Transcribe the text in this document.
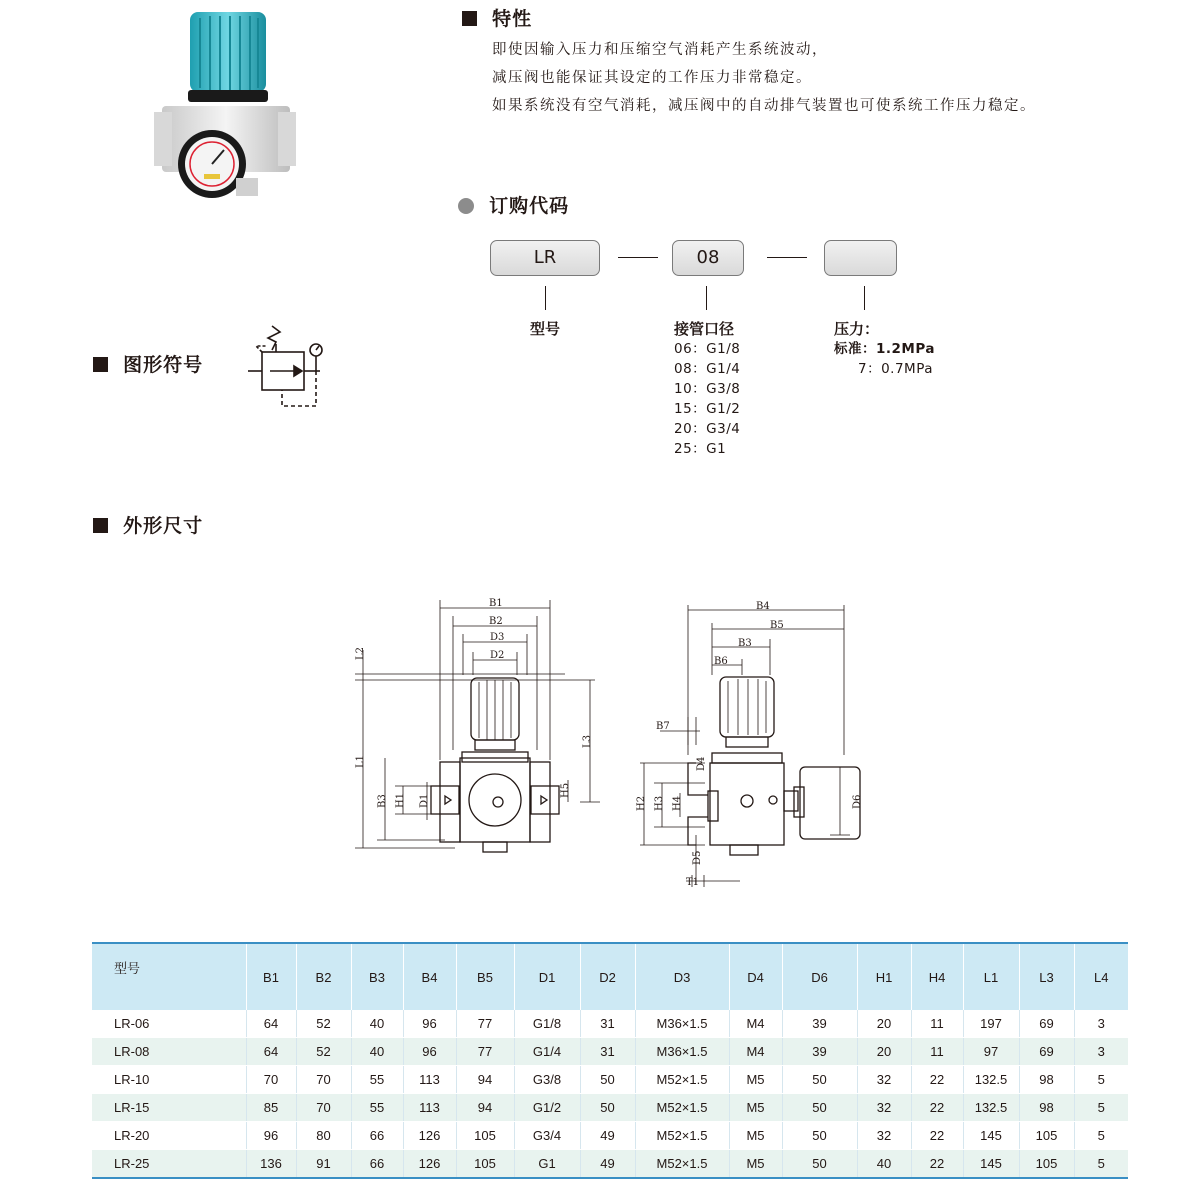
特性
即使因输入压力和压缩空气消耗产生系统波动，
减压阀也能保证其设定的工作压力非常稳定。
如果系统没有空气消耗，减压阀中的自动排气装置也可使系统工作压力稳定。
订购代码
LR	08
型号	接管口径
06：G1/8
08：G1/4
10：G3/8
15：G1/2
20：G3/4
25：G1
压力：
标准：1.2MPa
7：0.7MPa
图形符号
外形尺寸
B1
B2
D3
D2
L2
L1
L3
B3 H1 D1
H5
B4
B5
B3
B6
B7
D4
H2 H3 H4
D5
T1
D6
型号	B1	B2	B3	B4	B5	D1	D2	D3	D4	D6	H1	H4	L1	L3	L4
LR-06	64	52	40	96	77	G1/8	31	M36×1.5	M4	39	20	11	197	69	3
LR-08	64	52	40	96	77	G1/4	31	M36×1.5	M4	39	20	11	97	69	3
LR-10	70	70	55	113	94	G3/8	50	M52×1.5	M5	50	32	22	132.5	98	5
LR-15	85	70	55	113	94	G1/2	50	M52×1.5	M5	50	32	22	132.5	98	5
LR-20	96	80	66	126	105	G3/4	49	M52×1.5	M5	50	32	22	145	105	5
LR-25	136	91	66	126	105	G1	49	M52×1.5	M5	50	40	22	145	105	5
